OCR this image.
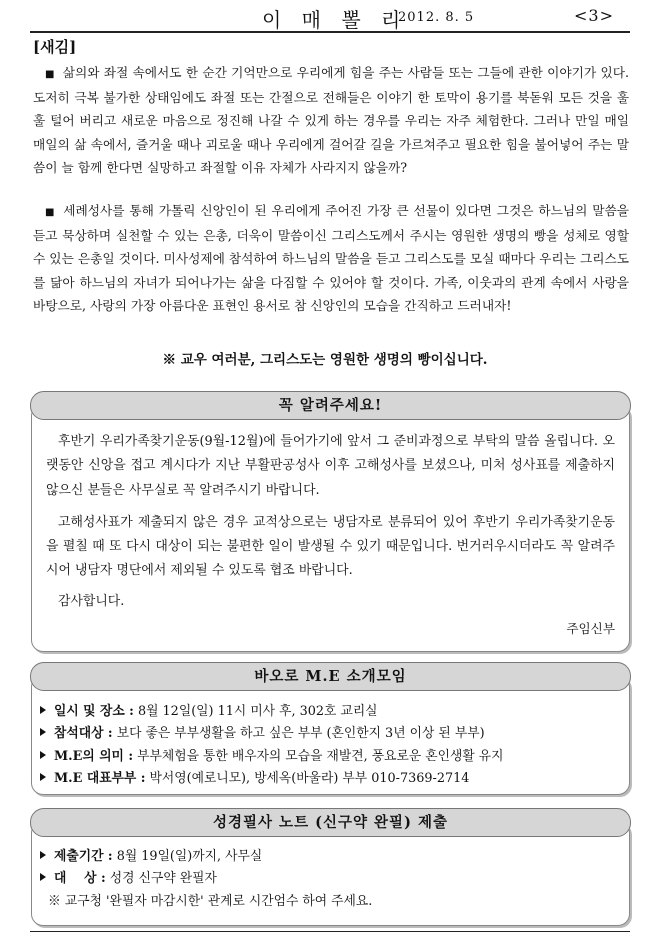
이 매 뽈 리
2012. 8. 5	<3>
[새김]

■ 삶의와 좌절 속에서도 한 순간 기억만으로 우리에게 힘을 주는 사람들 또는 그들에 관한 이야기가 있다. 도저히 극복 불가한 상태임에도 좌절 또는 간절으로 전해들은 이야기 한 토막이 용기를 북돋워 모든 것을 훌훌 털어 버리고 새로운 마음으로 정진해 나갈 수 있게 하는 경우를 우리는 자주 체험한다. 그러나 만일 매일 매일의 삶 속에서, 즐거울 때나 괴로울 때나 우리에게 걸어갈 길을 가르쳐주고 필요한 힘을 불어넣어 주는 말씀이 늘 함께 한다면 실망하고 좌절할 이유 자체가 사라지지 않을까?

■ 세례성사를 통해 가톨릭 신앙인이 된 우리에게 주어진 가장 큰 선물이 있다면 그것은 하느님의 말씀을 듣고 묵상하며 실천할 수 있는 은총, 더욱이 말씀이신 그리스도께서 주시는 영원한 생명의 빵을 성체로 영할 수 있는 은총일 것이다. 미사성제에 참석하여 하느님의 말씀을 듣고 그리스도를 모실 때마다 우리는 그리스도를 닮아 하느님의 자녀가 되어나가는 삶을 다짐할 수 있어야 할 것이다. 가족, 이웃과의 관계 속에서 사랑을 바탕으로, 사랑의 가장 아름다운 표현인 용서로 참 신앙인의 모습을 간직하고 드러내자!

※ 교우 여러분, 그리스도는 영원한 생명의 빵이십니다.

후반기 우리가족찾기운동(9월-12월)에 들어가기에 앞서 그 준비과정으로 부탁의 말씀 올립니다. 오랫동안 신앙을 접고 계시다가 지난 부활판공성사 이후 고해성사를 보셨으나, 미처 성사표를 제출하지 않으신 분들은 사무실로 꼭 알려주시기 바랍니다.

고해성사표가 제출되지 않은 경우 교적상으로는 냉담자로 분류되어 있어 후반기 우리가족찾기운동을 펼칠 때 또 다시 대상이 되는 불편한 일이 발생될 수 있기 때문입니다. 번거러우시더라도 꼭 알려주시어 냉담자 명단에서 제외될 수 있도록 협조 바랍니다.

감사합니다.

주임신부
꼭 알려주세요!
바오로 M.E 소개모임
일시 및 장소 : 8월 12일(일) 11시 미사 후, 302호 교리실
참석대상 : 보다 좋은 부부생활을 하고 싶은 부부 (혼인한지 3년 이상 된 부부)
M.E의 의미 : 부부체험을 통한 배우자의 모습을 재발견, 풍요로운 혼인생활 유지
M.E 대표부부 : 박서영(예로니모), 방세옥(바울라) 부부 010-7369-2714
성경필사 노트 (신구약 완필) 제출
제출기간 : 8월 19일(일)까지, 사무실
대    상 : 성경 신구약 완필자
※ 교구청 '완필자 마감시한' 관계로 시간엄수 하여 주세요.
